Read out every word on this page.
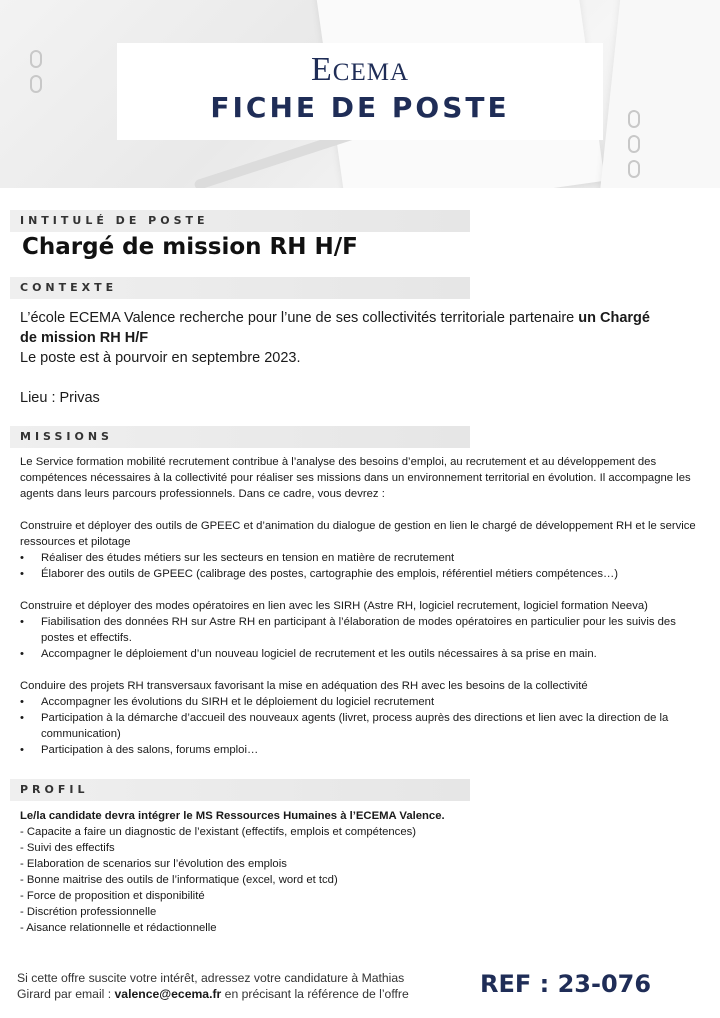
ECEMA
FICHE DE POSTE
INTITULÉ DE POSTE
Chargé de mission RH H/F
CONTEXTE

L’école ECEMA Valence recherche pour l’une de ses collectivités territoriale partenaire un Chargé de mission RH H/F

Le poste est à pourvoir en septembre 2023.

Lieu : Privas

MISSIONS

Le Service formation mobilité recrutement contribue à l’analyse des besoins d’emploi, au recrutement et au développement des compétences nécessaires à la collectivité pour réaliser ses missions dans un environnement territorial en évolution. Il accompagne les agents dans leurs parcours professionnels. Dans ce cadre, vous devrez :

Construire et déployer des outils de GPEEC et d’animation du dialogue de gestion en lien le chargé de développement RH et le service ressources et pilotage

•	Réaliser des études métiers sur les secteurs en tension en matière de recrutement
•	Élaborer des outils de GPEEC (calibrage des postes, cartographie des emplois, référentiel métiers compétences…)

Construire et déployer des modes opératoires en lien avec les SIRH (Astre RH, logiciel recrutement, logiciel formation Neeva)

•	Fiabilisation des données RH sur Astre RH en participant à l’élaboration de modes opératoires en particulier pour les suivis des postes et effectifs.
•	Accompagner le déploiement d’un nouveau logiciel de recrutement et les outils nécessaires à sa prise en main.

Conduire des projets RH transversaux favorisant la mise en adéquation des RH avec les besoins de la collectivité

•	Accompagner les évolutions du SIRH et le déploiement du logiciel recrutement
•	Participation à la démarche d’accueil des nouveaux agents (livret, process auprès des directions et lien avec la direction de la communication)
•	Participation à des salons, forums emploi…
PROFIL

Le/la candidate devra intégrer le MS Ressources Humaines à l’ECEMA Valence.

- Capacite a faire un diagnostic de l’existant (effectifs, emplois et compétences)

- Suivi des effectifs

- Elaboration de scenarios sur l’évolution des emplois

- Bonne maitrise des outils de l’informatique (excel, word et tcd)

- Force de proposition et disponibilité

- Discrétion professionnelle

- Aisance relationnelle et rédactionnelle

Si cette offre suscite votre intérêt, adressez votre candidature à Mathias
Girard par email : valence@ecema.fr en précisant la référence de l’offre	REF : 23-076
